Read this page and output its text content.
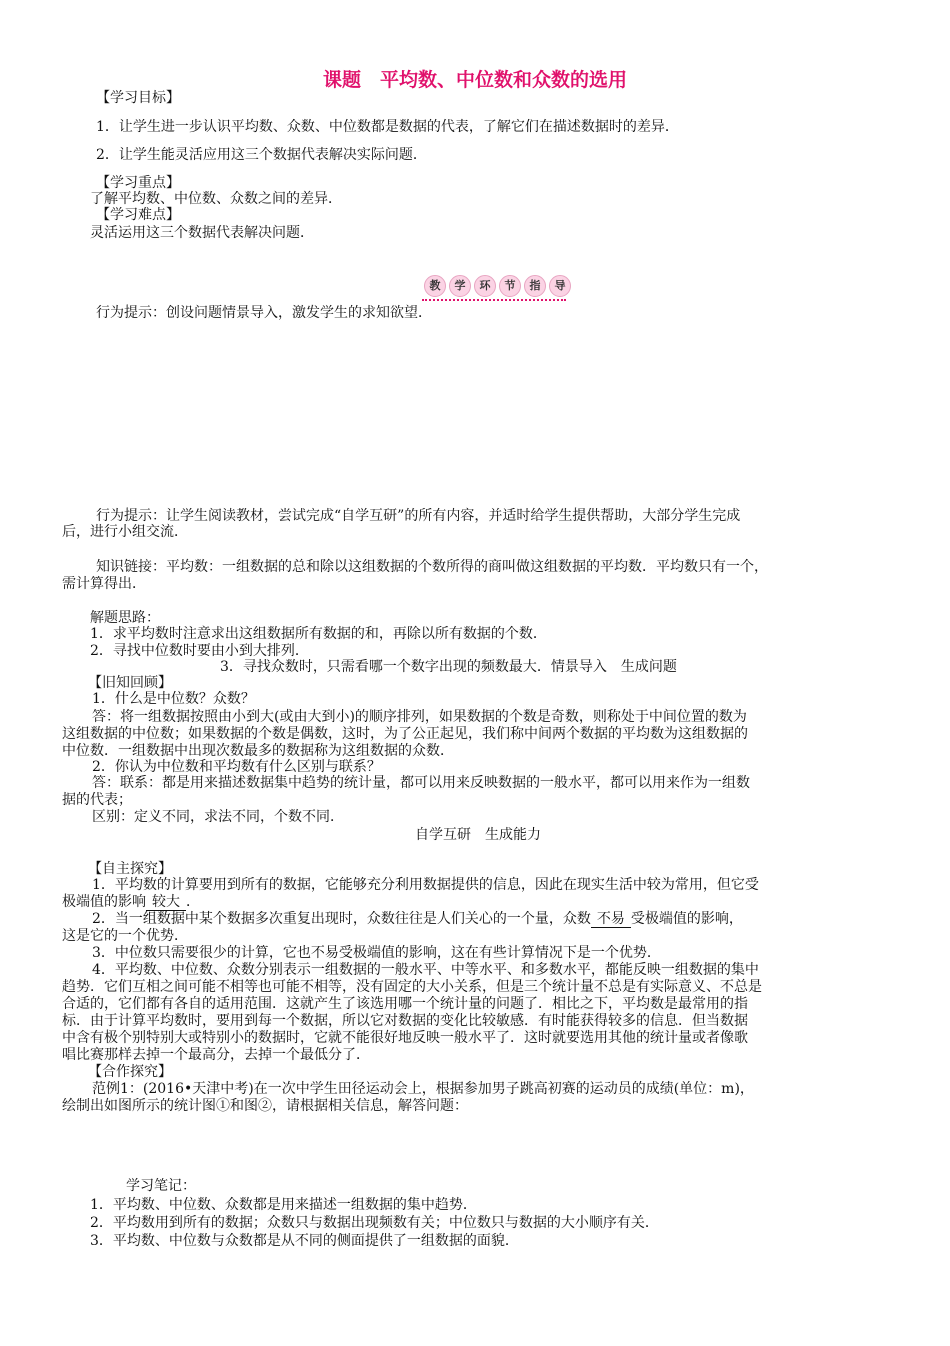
课题　平均数、中位数和众数的选用
【学习目标】
1．让学生进一步认识平均数、众数、中位数都是数据的代表，了解它们在描述数据时的差异．
2．让学生能灵活应用这三个数据代表解决实际问题．
【学习重点】
了解平均数、中位数、众数之间的差异．
【学习难点】
灵活运用这三个数据代表解决问题．
教	学	环	节	指	导
行为提示：创设问题情景导入，激发学生的求知欲望．
行为提示：让学生阅读教材，尝试完成“自学互研”的所有内容，并适时给学生提供帮助，大部分学生完成
后，进行小组交流．
知识链接：平均数：一组数据的总和除以这组数据的个数所得的商叫做这组数据的平均数．平均数只有一个，
需计算得出．
解题思路：
1．求平均数时注意求出这组数据所有数据的和，再除以所有数据的个数．
2．寻找中位数时要由小到大排列．
3．寻找众数时，只需看哪一个数字出现的频数最大．情景导入　生成问题
【旧知回顾】
1．什么是中位数？众数？
答：将一组数据按照由小到大(或由大到小)的顺序排列，如果数据的个数是奇数，则称处于中间位置的数为
这组数据的中位数；如果数据的个数是偶数，这时，为了公正起见，我们称中间两个数据的平均数为这组数据的
中位数．一组数据中出现次数最多的数据称为这组数据的众数．
2．你认为中位数和平均数有什么区别与联系？
答：联系：都是用来描述数据集中趋势的统计量，都可以用来反映数据的一般水平，都可以用来作为一组数
据的代表；
区别：定义不同，求法不同，个数不同．
自学互研　生成能力
【自主探究】
1．平均数的计算要用到所有的数据，它能够充分利用数据提供的信息，因此在现实生活中较为常用，但它受
极端值的影响 较大 ．
2．当一组数据中某个数据多次重复出现时，众数往往是人们关心的一个量，众数 不易 受极端值的影响，
这是它的一个优势．
3．中位数只需要很少的计算，它也不易受极端值的影响，这在有些计算情况下是一个优势．
4．平均数、中位数、众数分别表示一组数据的一般水平、中等水平、和多数水平，都能反映一组数据的集中
趋势．它们互相之间可能不相等也可能不相等，没有固定的大小关系，但是三个统计量不总是有实际意义、不总是
合适的，它们都有各自的适用范围．这就产生了该选用哪一个统计量的问题了．相比之下，平均数是最常用的指
标．由于计算平均数时，要用到每一个数据，所以它对数据的变化比较敏感．有时能获得较多的信息．但当数据
中含有极个别特别大或特别小的数据时，它就不能很好地反映一般水平了．这时就要选用其他的统计量或者像歌
唱比赛那样去掉一个最高分，去掉一个最低分了．
【合作探究】
范例1：(2016•天津中考)在一次中学生田径运动会上，根据参加男子跳高初赛的运动员的成绩(单位：m)，
绘制出如图所示的统计图①和图②，请根据相关信息，解答问题：
学习笔记：
1．平均数、中位数、众数都是用来描述一组数据的集中趋势．
2．平均数用到所有的数据；众数只与数据出现频数有关；中位数只与数据的大小顺序有关．
3．平均数、中位数与众数都是从不同的侧面提供了一组数据的面貌．
